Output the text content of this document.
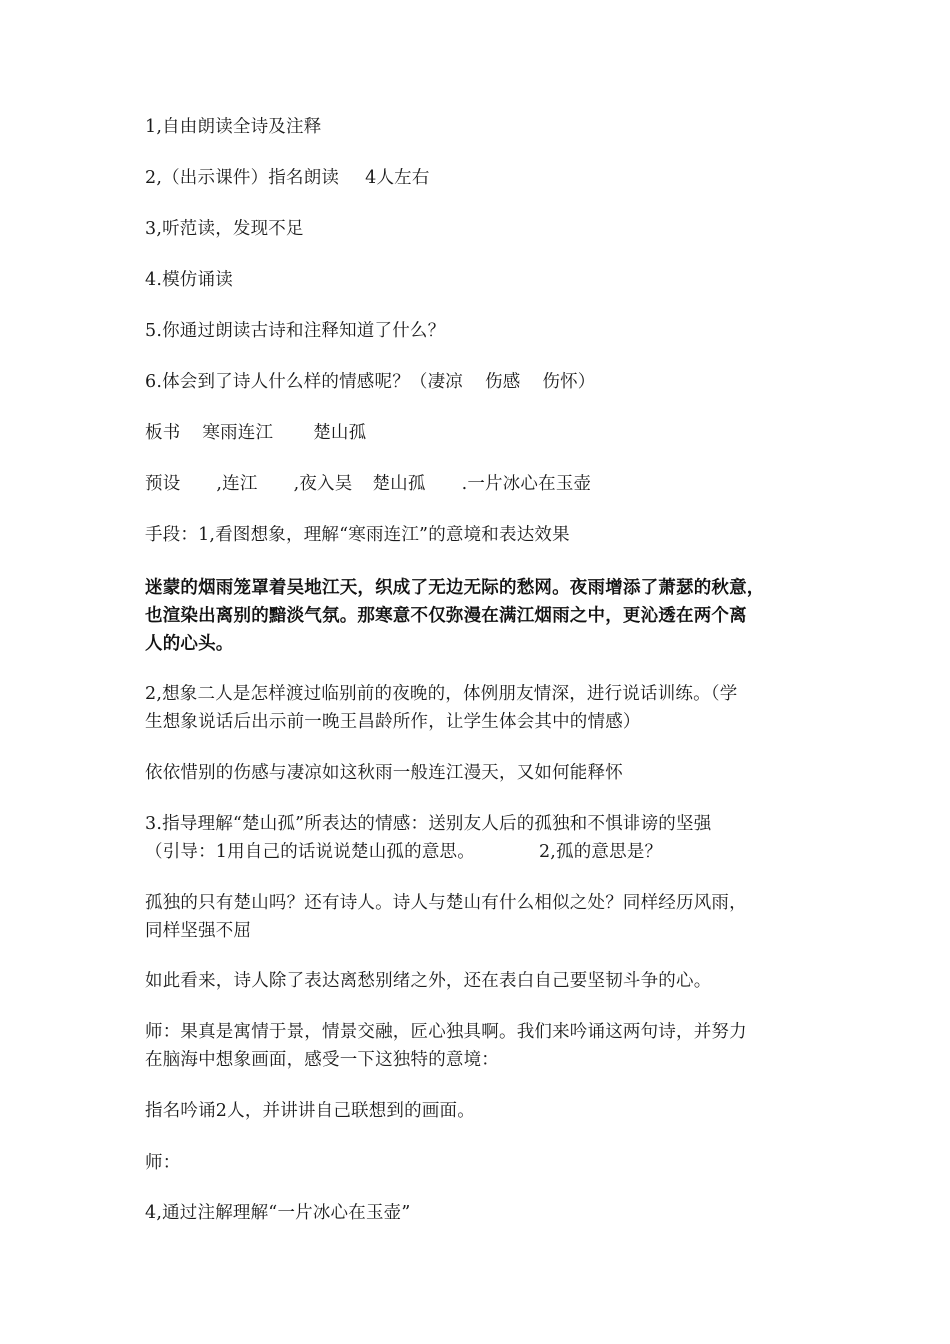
1,自由朗读全诗及注释
2,（出示课件）指名朗读 4人左右
3,听范读，发现不足
4.模仿诵读
5.你通过朗读古诗和注释知道了什么？
6.体会到了诗人什么样的情感呢？（凄凉 伤感 伤怀）
板书 寒雨连江 楚山孤
预设 ,连江 ,夜入吴 楚山孤 .一片冰心在玉壶
手段：1,看图想象，理解“寒雨连江”的意境和表达效果
迷蒙的烟雨笼罩着吴地江天，织成了无边无际的愁网。夜雨增添了萧瑟的秋意，
也渲染出离别的黯淡气氛。那寒意不仅弥漫在满江烟雨之中，更沁透在两个离
人的心头。
2,想象二人是怎样渡过临别前的夜晚的，体例朋友情深，进行说话训练。（学
生想象说话后出示前一晚王昌龄所作，让学生体会其中的情感）
依依惜别的伤感与凄凉如这秋雨一般连江漫天，又如何能释怀
3.指导理解“楚山孤”所表达的情感：送别友人后的孤独和不惧诽谤的坚强
（引导：1用自己的话说说楚山孤的意思。	2,孤的意思是？
孤独的只有楚山吗？还有诗人。诗人与楚山有什么相似之处？同样经历风雨，
同样坚强不屈
如此看来，诗人除了表达离愁别绪之外，还在表白自己要坚韧斗争的心。
师：果真是寓情于景，情景交融，匠心独具啊。我们来吟诵这两句诗，并努力
在脑海中想象画面，感受一下这独特的意境：
指名吟诵2人，并讲讲自己联想到的画面。
师：
4,通过注解理解“一片冰心在玉壶”
